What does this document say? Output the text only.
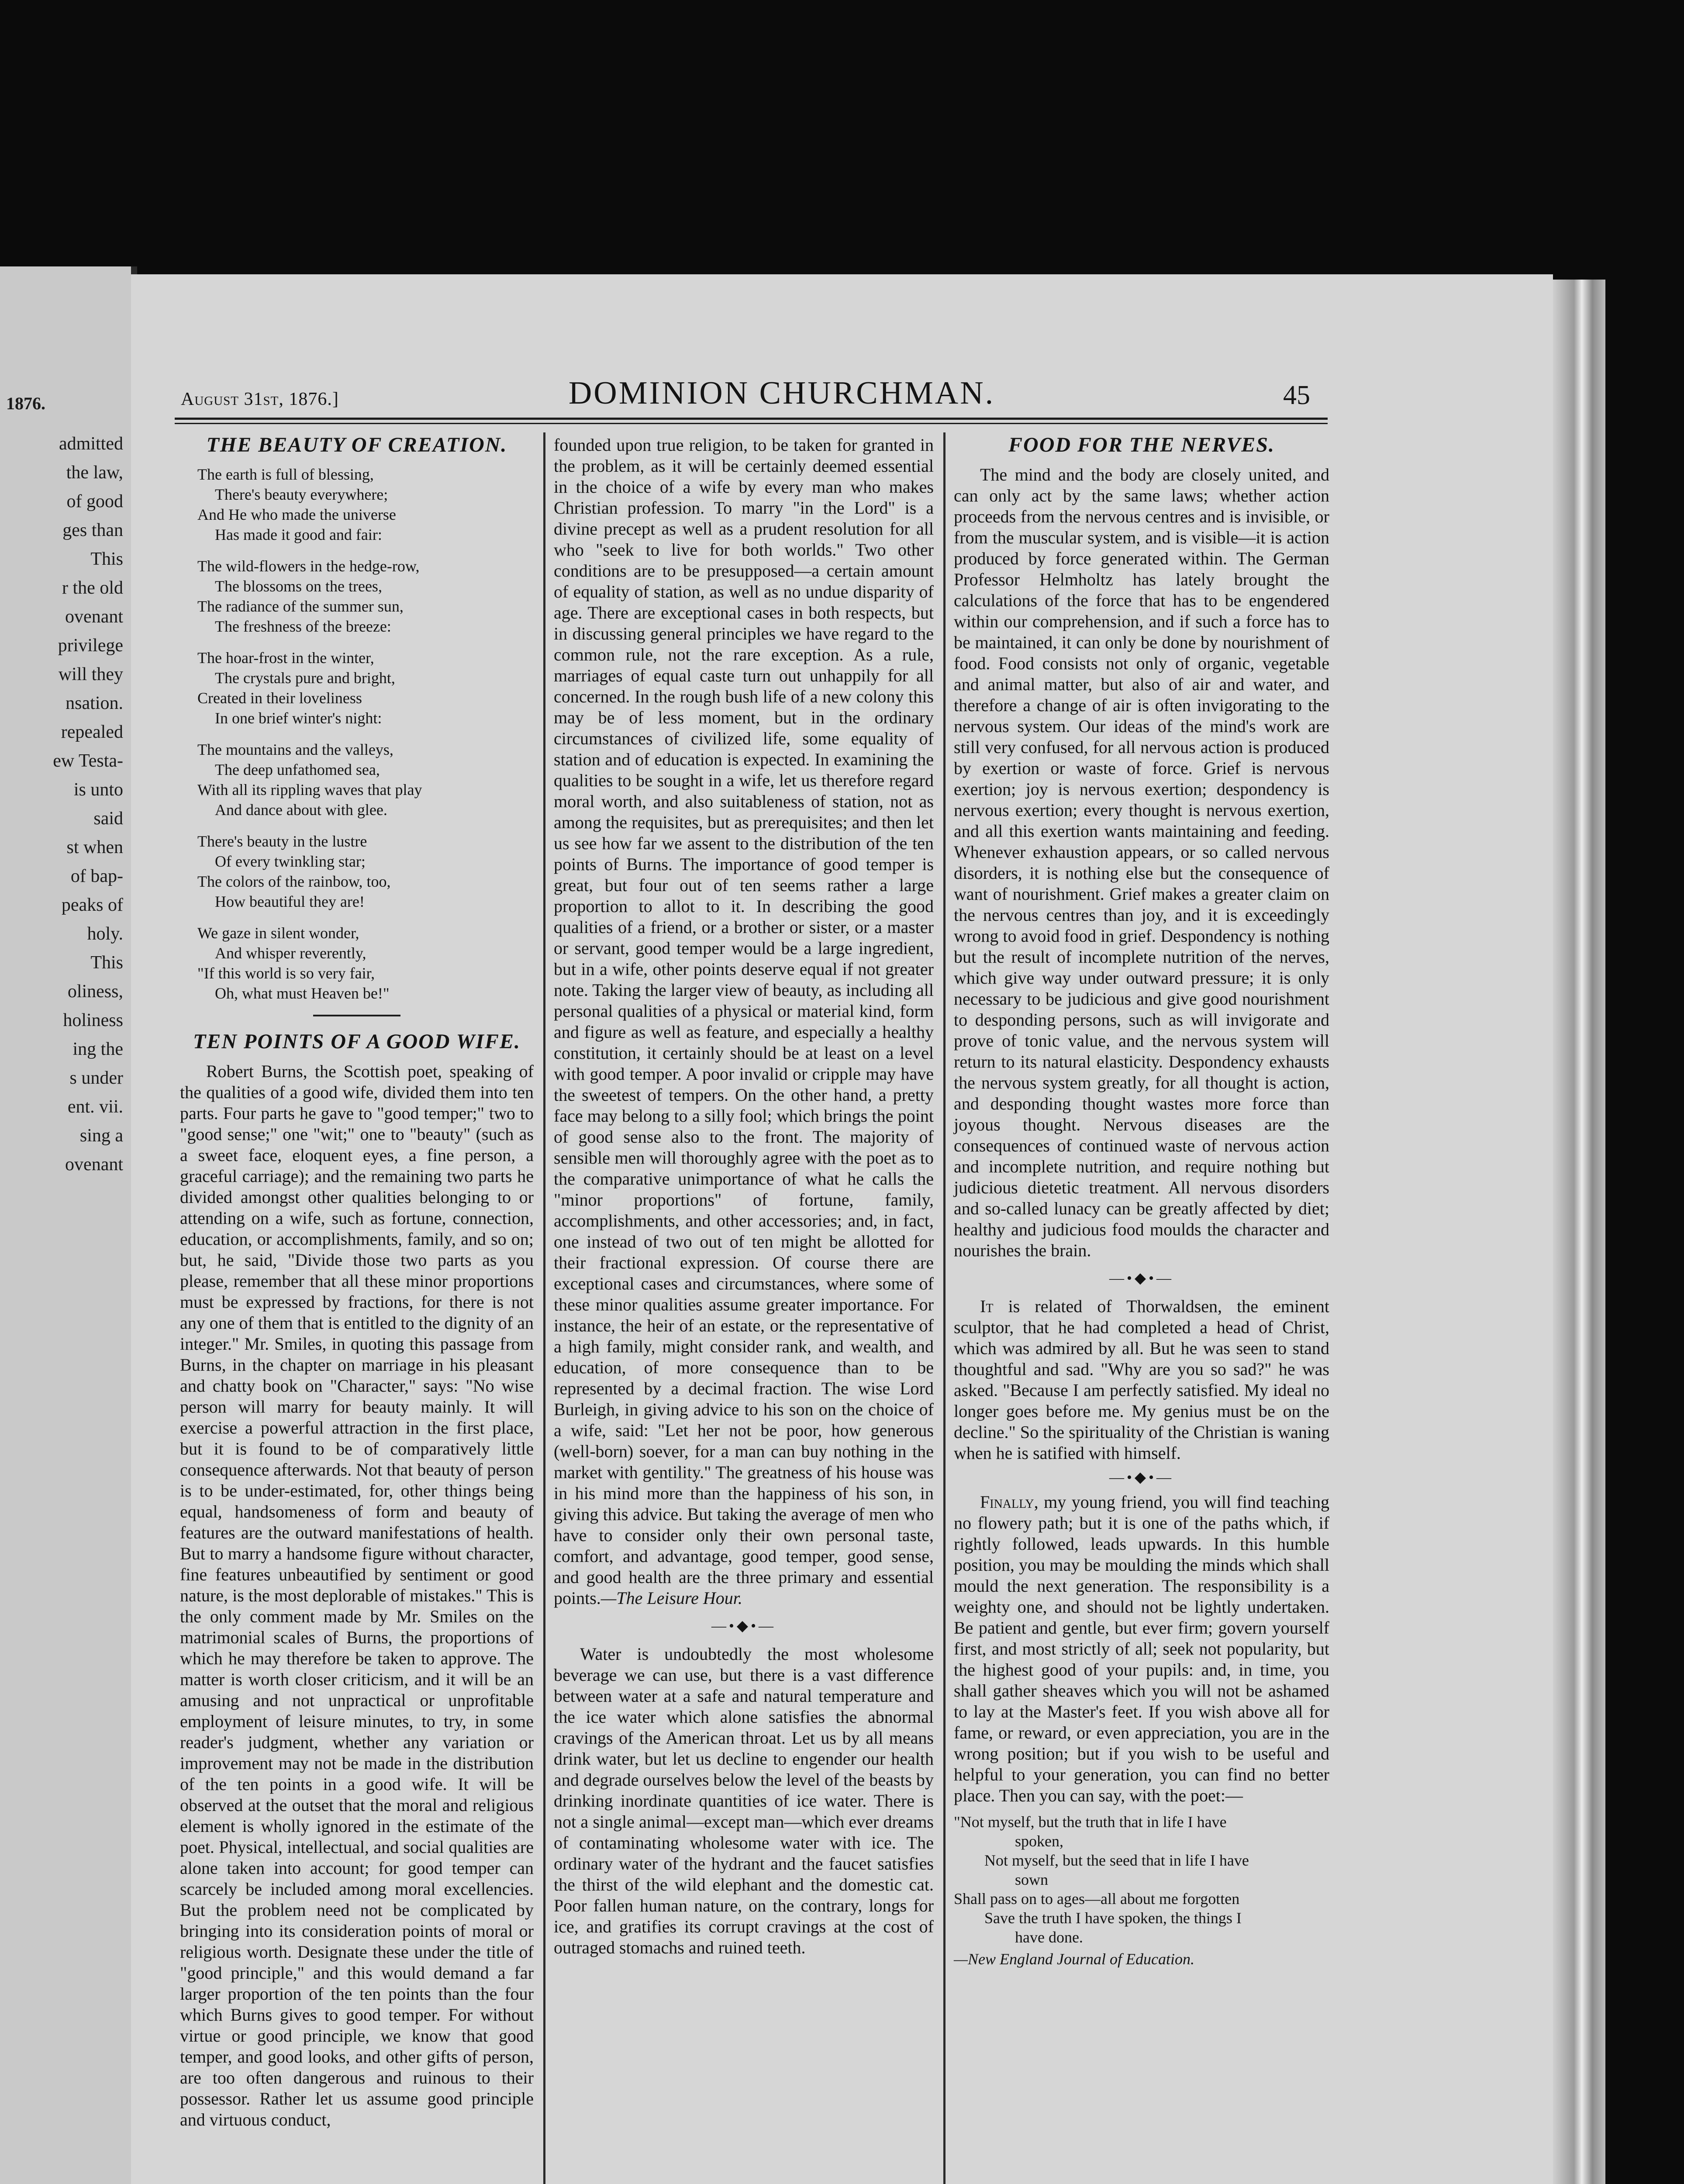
1876.
admitted
the law,
of good
ges than
This
r the old
ovenant
privilege
will they
nsation.
repealed
ew Testa-
is unto
said
st when
of bap-
peaks of
holy.
This
oliness,
holiness
ing the
s under
ent. vii.
sing a
ovenant
August 31st, 1876.]	DOMINION CHURCHMAN.	45
THE BEAUTY OF CREATION.
The earth is full of blessing,
There's beauty everywhere;
And He who made the universe
Has made it good and fair:
The wild-flowers in the hedge-row,
The blossoms on the trees,
The radiance of the summer sun,
The freshness of the breeze:
The hoar-frost in the winter,
The crystals pure and bright,
Created in their loveliness
In one brief winter's night:
The mountains and the valleys,
The deep unfathomed sea,
With all its rippling waves that play
And dance about with glee.
There's beauty in the lustre
Of every twinkling star;
The colors of the rainbow, too,
How beautiful they are!
We gaze in silent wonder,
And whisper reverently,
"If this world is so very fair,
Oh, what must Heaven be!"
TEN POINTS OF A GOOD WIFE.

Robert Burns, the Scottish poet, speaking of the qualities of a good wife, divided them into ten parts. Four parts he gave to "good temper;" two to "good sense;" one "wit;" one to "beauty" (such as a sweet face, eloquent eyes, a fine person, a graceful carriage); and the remaining two parts he divided amongst other qualities belonging to or attending on a wife, such as fortune, connection, education, or accomplishments, family, and so on; but, he said, "Divide those two parts as you please, remember that all these minor proportions must be expressed by fractions, for there is not any one of them that is entitled to the dignity of an integer." Mr. Smiles, in quoting this passage from Burns, in the chapter on marriage in his pleasant and chatty book on "Character," says: "No wise person will marry for beauty mainly. It will exercise a powerful attraction in the first place, but it is found to be of comparatively little consequence afterwards. Not that beauty of person is to be under-estimated, for, other things being equal, handsomeness of form and beauty of features are the outward manifestations of health. But to marry a handsome figure without character, fine features unbeautified by sentiment or good nature, is the most deplorable of mistakes." This is the only comment made by Mr. Smiles on the matrimonial scales of Burns, the proportions of which he may therefore be taken to approve. The matter is worth closer criticism, and it will be an amusing and not unpractical or unprofitable employment of leisure minutes, to try, in some reader's judgment, whether any variation or improvement may not be made in the distribution of the ten points in a good wife. It will be observed at the outset that the moral and religious element is wholly ignored in the estimate of the poet. Physical, intellectual, and social qualities are alone taken into account; for good temper can scarcely be included among moral excellencies. But the problem need not be complicated by bringing into its consideration points of moral or religious worth. Designate these under the title of "good principle," and this would demand a far larger proportion of the ten points than the four which Burns gives to good temper. For without virtue or good principle, we know that good temper, and good looks, and other gifts of person, are too often dangerous and ruinous to their possessor. Rather let us assume good principle and virtuous conduct,

founded upon true religion, to be taken for granted in the problem, as it will be certainly deemed essential in the choice of a wife by every man who makes Christian profession. To marry "in the Lord" is a divine precept as well as a prudent resolution for all who "seek to live for both worlds." Two other conditions are to be presupposed—a certain amount of equality of station, as well as no undue disparity of age. There are exceptional cases in both respects, but in discussing general principles we have regard to the common rule, not the rare exception. As a rule, marriages of equal caste turn out unhappily for all concerned. In the rough bush life of a new colony this may be of less moment, but in the ordinary circumstances of civilized life, some equality of station and of education is expected. In examining the qualities to be sought in a wife, let us therefore regard moral worth, and also suitableness of station, not as among the requisites, but as prerequisites; and then let us see how far we assent to the distribution of the ten points of Burns. The importance of good temper is great, but four out of ten seems rather a large proportion to allot to it. In describing the good qualities of a friend, or a brother or sister, or a master or servant, good temper would be a large ingredient, but in a wife, other points deserve equal if not greater note. Taking the larger view of beauty, as including all personal qualities of a physical or material kind, form and figure as well as feature, and especially a healthy constitution, it certainly should be at least on a level with good temper. A poor invalid or cripple may have the sweetest of tempers. On the other hand, a pretty face may belong to a silly fool; which brings the point of good sense also to the front. The majority of sensible men will thoroughly agree with the poet as to the comparative unimportance of what he calls the "minor proportions" of fortune, family, accomplishments, and other accessories; and, in fact, one instead of two out of ten might be allotted for their fractional expression. Of course there are exceptional cases and circumstances, where some of these minor qualities assume greater importance. For instance, the heir of an estate, or the representative of a high family, might consider rank, and wealth, and education, of more consequence than to be represented by a decimal fraction. The wise Lord Burleigh, in giving advice to his son on the choice of a wife, said: "Let her not be poor, how generous (well-born) soever, for a man can buy nothing in the market with gentility." The greatness of his house was in his mind more than the happiness of his son, in giving this advice. But taking the average of men who have to consider only their own personal taste, comfort, and advantage, good temper, good sense, and good health are the three primary and essential points.—The Leisure Hour.

—•◆•—

Water is undoubtedly the most wholesome beverage we can use, but there is a vast difference between water at a safe and natural temperature and the ice water which alone satisfies the abnormal cravings of the American throat. Let us by all means drink water, but let us decline to engender our health and degrade ourselves below the level of the beasts by drinking inordinate quantities of ice water. There is not a single animal—except man—which ever dreams of contaminating wholesome water with ice. The ordinary water of the hydrant and the faucet satisfies the thirst of the wild elephant and the domestic cat. Poor fallen human nature, on the contrary, longs for ice, and gratifies its corrupt cravings at the cost of outraged stomachs and ruined teeth.

FOOD FOR THE NERVES.

The mind and the body are closely united, and can only act by the same laws; whether action proceeds from the nervous centres and is invisible, or from the muscular system, and is visible—it is action produced by force generated within. The German Professor Helmholtz has lately brought the calculations of the force that has to be engendered within our comprehension, and if such a force has to be maintained, it can only be done by nourishment of food. Food consists not only of organic, vegetable and animal matter, but also of air and water, and therefore a change of air is often invigorating to the nervous system. Our ideas of the mind's work are still very confused, for all nervous action is produced by exertion or waste of force. Grief is nervous exertion; joy is nervous exertion; despondency is nervous exertion; every thought is nervous exertion, and all this exertion wants maintaining and feeding. Whenever exhaustion appears, or so called nervous disorders, it is nothing else but the consequence of want of nourishment. Grief makes a greater claim on the nervous centres than joy, and it is exceedingly wrong to avoid food in grief. Despondency is nothing but the result of incomplete nutrition of the nerves, which give way under outward pressure; it is only necessary to be judicious and give good nourishment to desponding persons, such as will invigorate and prove of tonic value, and the nervous system will return to its natural elasticity. Despondency exhausts the nervous system greatly, for all thought is action, and desponding thought wastes more force than joyous thought. Nervous diseases are the consequences of continued waste of nervous action and incomplete nutrition, and require nothing but judicious dietetic treatment. All nervous disorders and so-called lunacy can be greatly affected by diet; healthy and judicious food moulds the character and nourishes the brain.

—•◆•—

It is related of Thorwaldsen, the eminent sculptor, that he had completed a head of Christ, which was admired by all. But he was seen to stand thoughtful and sad. "Why are you so sad?" he was asked. "Because I am perfectly satisfied. My ideal no longer goes before me. My genius must be on the decline." So the spirituality of the Christian is waning when he is satified with himself.

—•◆•—

Finally, my young friend, you will find teaching no flowery path; but it is one of the paths which, if rightly followed, leads upwards. In this humble position, you may be moulding the minds which shall mould the next generation. The responsibility is a weighty one, and should not be lightly undertaken. Be patient and gentle, but ever firm; govern yourself first, and most strictly of all; seek not popularity, but the highest good of your pupils: and, in time, you shall gather sheaves which you will not be ashamed to lay at the Master's feet. If you wish above all for fame, or reward, or even appreciation, you are in the wrong position; but if you wish to be useful and helpful to your generation, you can find no better place. Then you can say, with the poet:—

"Not myself, but the truth that in life I have
spoken,
Not myself, but the seed that in life I have
sown
Shall pass on to ages—all about me forgotten
Save the truth I have spoken, the things I
have done.
—New England Journal of Education.
